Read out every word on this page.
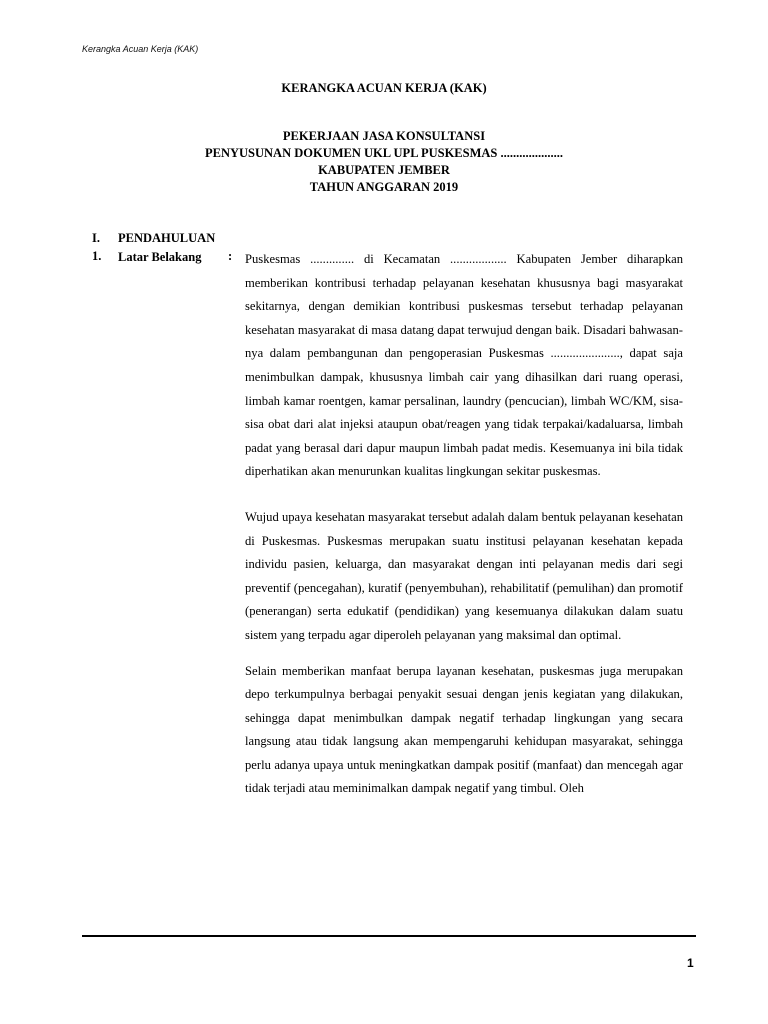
Kerangka Acuan Kerja (KAK)
KERANGKA ACUAN KERJA (KAK)
PEKERJAAN JASA KONSULTANSI
PENYUSUNAN DOKUMEN UKL UPL PUSKESMAS ....................
KABUPATEN JEMBER
TAHUN ANGGARAN 2019
I. PENDAHULUAN
1. Latar Belakang	: Puskesmas .............. di Kecamatan .................. Kabupaten Jember diharapkan memberikan kontribusi terhadap pelayanan kesehatan khususnya bagi masyarakat sekitarnya, dengan demikian kontribusi puskesmas tersebut terhadap pelayanan kesehatan masyarakat di masa datang dapat terwujud dengan baik. Disadari bahwasan-nya dalam pembangunan dan pengoperasian Puskesmas ......................, dapat saja menimbulkan dampak, khususnya limbah cair yang dihasilkan dari ruang operasi, limbah kamar roentgen, kamar persalinan, laundry (pencucian), limbah WC/KM, sisa-sisa obat dari alat injeksi ataupun obat/reagen yang tidak terpakai/kadaluarsa, limbah padat yang berasal dari dapur maupun limbah padat medis. Kesemuanya ini bila tidak diperhatikan akan menurunkan kualitas lingkungan sekitar puskesmas.

Wujud upaya kesehatan masyarakat tersebut adalah dalam bentuk pelayanan kesehatan di Puskesmas. Puskesmas merupakan suatu institusi pelayanan kesehatan kepada individu pasien, keluarga, dan masyarakat dengan inti pelayanan medis dari segi preventif (pencegahan), kuratif (penyembuhan), rehabilitatif (pemulihan) dan promotif (penerangan) serta edukatif (pendidikan) yang kesemuanya dilakukan dalam suatu sistem yang terpadu agar diperoleh pelayanan yang maksimal dan optimal.

Selain memberikan manfaat berupa layanan kesehatan, puskesmas juga merupakan depo terkumpulnya berbagai penyakit sesuai dengan jenis kegiatan yang dilakukan, sehingga dapat menimbulkan dampak negatif terhadap lingkungan yang secara langsung atau tidak langsung akan mempengaruhi kehidupan masyarakat, sehingga perlu adanya upaya untuk meningkatkan dampak positif (manfaat) dan mencegah agar tidak terjadi atau meminimalkan dampak negatif yang timbul. Oleh

1
